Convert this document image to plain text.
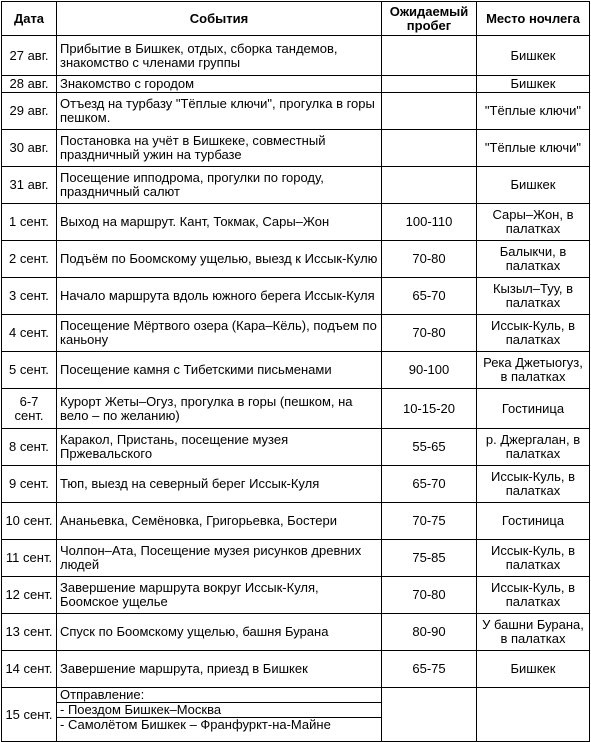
Дата	События	Ожидаемый пробег	Место ночлега
27 авг.	Прибытие в Бишкек, отдых, сборка тандемов, знакомство с членами группы		Бишкек
28 авг.	Знакомство с городом		Бишкек
29 авг.	Отъезд на турбазу "Тёплые ключи", прогулка в горы пешком.		"Тёплые ключи"
30 авг.	Постановка на учёт в Бишкеке, совместный праздничный ужин на турбазе		"Тёплые ключи"
31 авг.	Посещение ипподрома, прогулки по городу, праздничный салют		Бишкек
1 сент.	Выход на маршрут. Кант, Токмак, Сары–Жон	100-110	Сары–Жон, в палатках
2 сент.	Подъём по Боомскому ущелью, выезд к Иссык-Кулю	70-80	Балыкчи, в палатках
3 сент.	Начало маршрута вдоль южного берега Иссык-Куля	65-70	Кызыл–Туу, в палатках
4 сент.	Посещение Мёртвого озера (Кара–Кёль), подъем по каньону	70-80	Иссык-Куль, в палатках
5 сент.	Посещение камня с Тибетскими письменами	90-100	Река Джетыогуз, в палатках
6-7 сент.	Курорт Жеты–Огуз, прогулка в горы (пешком, на вело – по желанию)	10-15-20	Гостиница
8 сент.	Каракол, Пристань, посещение музея Пржевальского	55-65	р. Джергалан, в палатках
9 сент.	Тюп, выезд на северный берег Иссык-Куля	65-70	Иссык-Куль, в палатках
10 сент.	Ананьевка, Семёновка, Григорьевка, Бостери	70-75	Гостиница
11 сент.	Чолпон–Ата, Посещение музея рисунков древних людей	75-85	Иссык-Куль, в палатках
12 сент.	Завершение маршрута вокруг Иссык-Куля, Боомское ущелье	70-80	Иссык-Куль, в палатках
13 сент.	Спуск по Боомскому ущелью, башня Бурана	80-90	У башни Бурана, в палатках
14 сент.	Завершение маршрута, приезд в Бишкек	65-75	Бишкек
15 сент.	Отправление:
- Поездом Бишкек–Москва
- Самолётом Бишкек – Франфуркт-на-Майне		
